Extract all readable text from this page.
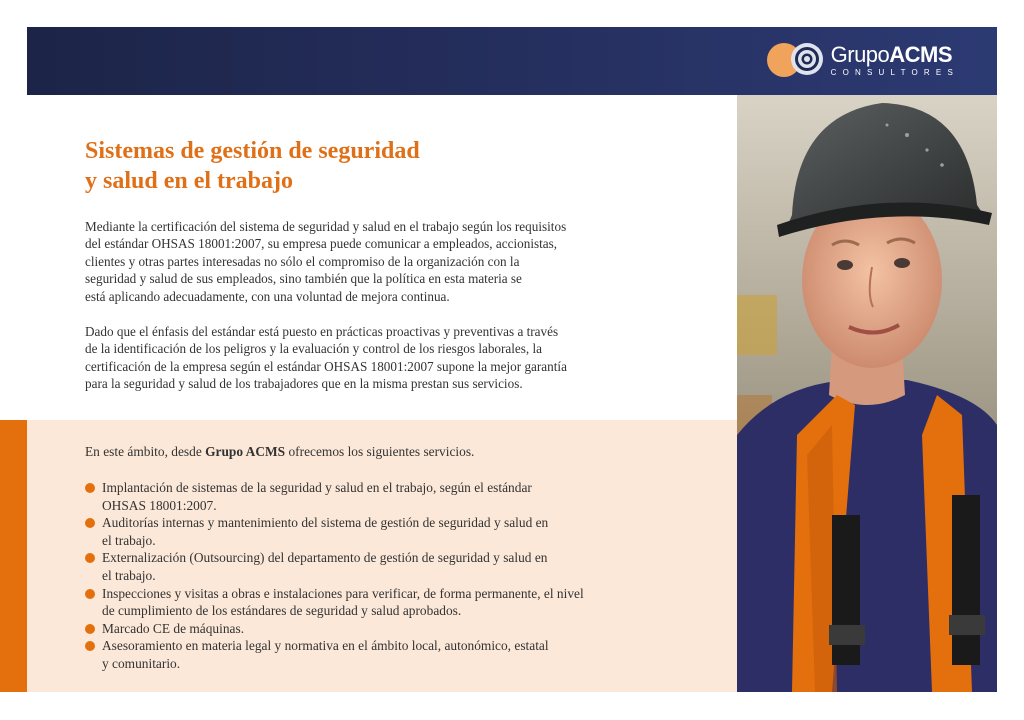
GrupoACMS
CONSULTORES
Sistemas de gestión de seguridad
y salud en el trabajo
Mediante la certificación del sistema de seguridad y salud en el trabajo según los requisitos
del estándar OHSAS 18001:2007, su empresa puede comunicar a empleados, accionistas,
clientes y otras partes interesadas no sólo el compromiso de la organización con la
seguridad y salud de sus empleados, sino también que la política en esta materia se
está aplicando adecuadamente, con una voluntad de mejora continua.
Dado que el énfasis del estándar está puesto en prácticas proactivas y preventivas a través
de la identificación de los peligros y la evaluación y control de los riesgos laborales, la
certificación de la empresa según el estándar OHSAS 18001:2007 supone la mejor garantía
para la seguridad y salud de los trabajadores que en la misma prestan sus servicios.
En este ámbito, desde Grupo ACMS ofrecemos los siguientes servicios.
Implantación de sistemas de la seguridad y salud en el trabajo, según el estándar
OHSAS 18001:2007.
Auditorías internas y mantenimiento del sistema de gestión de seguridad y salud en
el trabajo.
Externalización (Outsourcing) del departamento de gestión de seguridad y salud en
el trabajo.
Inspecciones y visitas a obras e instalaciones para verificar, de forma permanente, el nivel
de cumplimiento de los estándares de seguridad y salud aprobados.
Marcado CE de máquinas.
Asesoramiento en materia legal y normativa en el ámbito local, autonómico, estatal
y comunitario.
